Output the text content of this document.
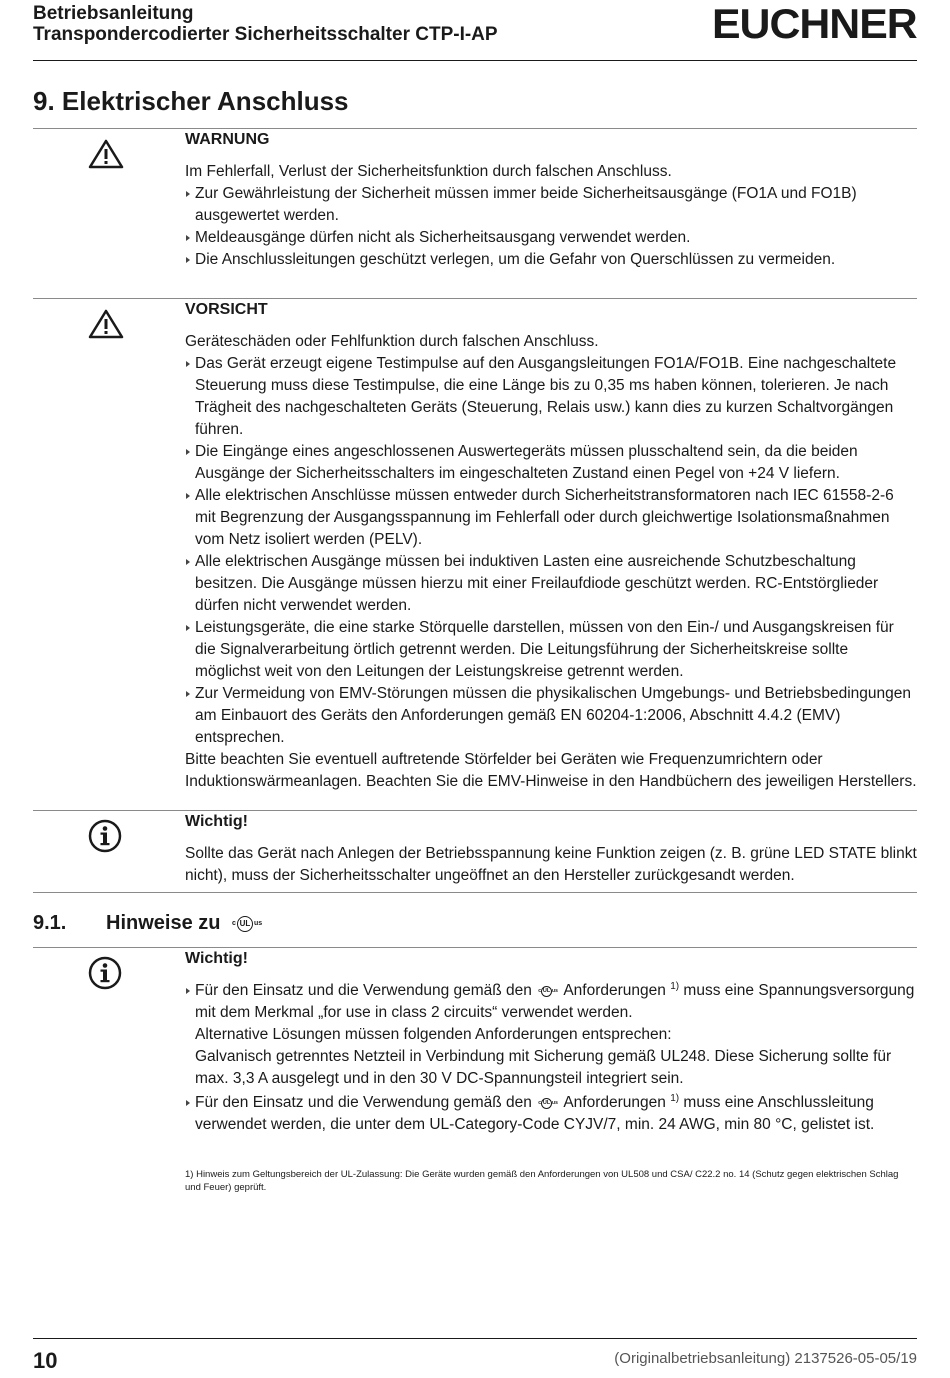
Betriebsanleitung
Transpondercodierter Sicherheitsschalter CTP-I-AP	EUCHNER
9. Elektrischer Anschluss
WARNUNG

Im Fehlerfall, Verlust der Sicherheitsfunktion durch falschen Anschluss.

Zur Gewährleistung der Sicherheit müssen immer beide Sicherheitsausgänge (FO1A und FO1B) ausgewertet werden.

Meldeausgänge dürfen nicht als Sicherheitsausgang verwendet werden.

Die Anschlussleitungen geschützt verlegen, um die Gefahr von Querschlüssen zu vermeiden.

VORSICHT

Geräteschäden oder Fehlfunktion durch falschen Anschluss.

Das Gerät erzeugt eigene Testimpulse auf den Ausgangsleitungen FO1A/FO1B. Eine nachgeschaltete Steuerung muss diese Testimpulse, die eine Länge bis zu 0,35 ms haben können, tolerieren. Je nach Trägheit des nachgeschalteten Geräts (Steuerung, Relais usw.) kann dies zu kurzen Schaltvorgängen führen.

Die Eingänge eines angeschlossenen Auswertegeräts müssen plusschaltend sein, da die beiden Ausgänge der Sicherheitsschalters im eingeschalteten Zustand einen Pegel von +24 V liefern.

Alle elektrischen Anschlüsse müssen entweder durch Sicherheitstransformatoren nach IEC 61558-2-6 mit Begrenzung der Ausgangsspannung im Fehlerfall oder durch gleichwertige Isolationsmaßnahmen vom Netz isoliert werden (PELV).

Alle elektrischen Ausgänge müssen bei induktiven Lasten eine ausreichende Schutzbeschaltung besitzen. Die Ausgänge müssen hierzu mit einer Freilaufdiode geschützt werden. RC-Entstörglieder dürfen nicht verwendet werden.

Leistungsgeräte, die eine starke Störquelle darstellen, müssen von den Ein-/ und Ausgangskreisen für die Signalverarbeitung örtlich getrennt werden. Die Leitungsführung der Sicherheitskreise sollte möglichst weit von den Leitungen der Leistungskreise getrennt werden.

Zur Vermeidung von EMV-Störungen müssen die physikalischen Umgebungs- und Betriebsbedingungen am Einbauort des Geräts den Anforderungen gemäß EN 60204-1:2006, Abschnitt 4.4.2 (EMV) entsprechen.

Bitte beachten Sie eventuell auftretende Störfelder bei Geräten wie Frequenzumrichtern oder Induktionswärmeanlagen. Beachten Sie die EMV-Hinweise in den Handbüchern des jeweiligen Herstellers.

Wichtig!

Sollte das Gerät nach Anlegen der Betriebsspannung keine Funktion zeigen (z. B. grüne LED STATE blinkt nicht), muss der Sicherheitsschalter ungeöffnet an den Hersteller zurückgesandt werden.

9.1. Hinweise zu c UL us
Wichtig!
Für den Einsatz und die Verwendung gemäß den c UL us Anforderungen $^{1)}$ muss eine Spannungsversorgung mit dem Merkmal „for use in class 2 circuits“ verwendet werden.

Alternative Lösungen müssen folgenden Anforderungen entsprechen:

Galvanisch getrenntes Netzteil in Verbindung mit Sicherung gemäß UL248. Diese Sicherung sollte für max. 3,3 A ausgelegt und in den 30 V DC-Spannungsteil integriert sein.

Für den Einsatz und die Verwendung gemäß den c UL us Anforderungen $^{1)}$ muss eine Anschlussleitung verwendet werden, die unter dem UL-Category-Code CYJV/7, min. 24 AWG, min 80 °C, gelistet ist.
1) Hinweis zum Geltungsbereich der UL-Zulassung: Die Geräte wurden gemäß den Anforderungen von UL508 und CSA/ C22.2 no. 14 (Schutz gegen elektrischen Schlag und Feuer) geprüft.
10	(Originalbetriebsanleitung) 2137526-05-05/19
